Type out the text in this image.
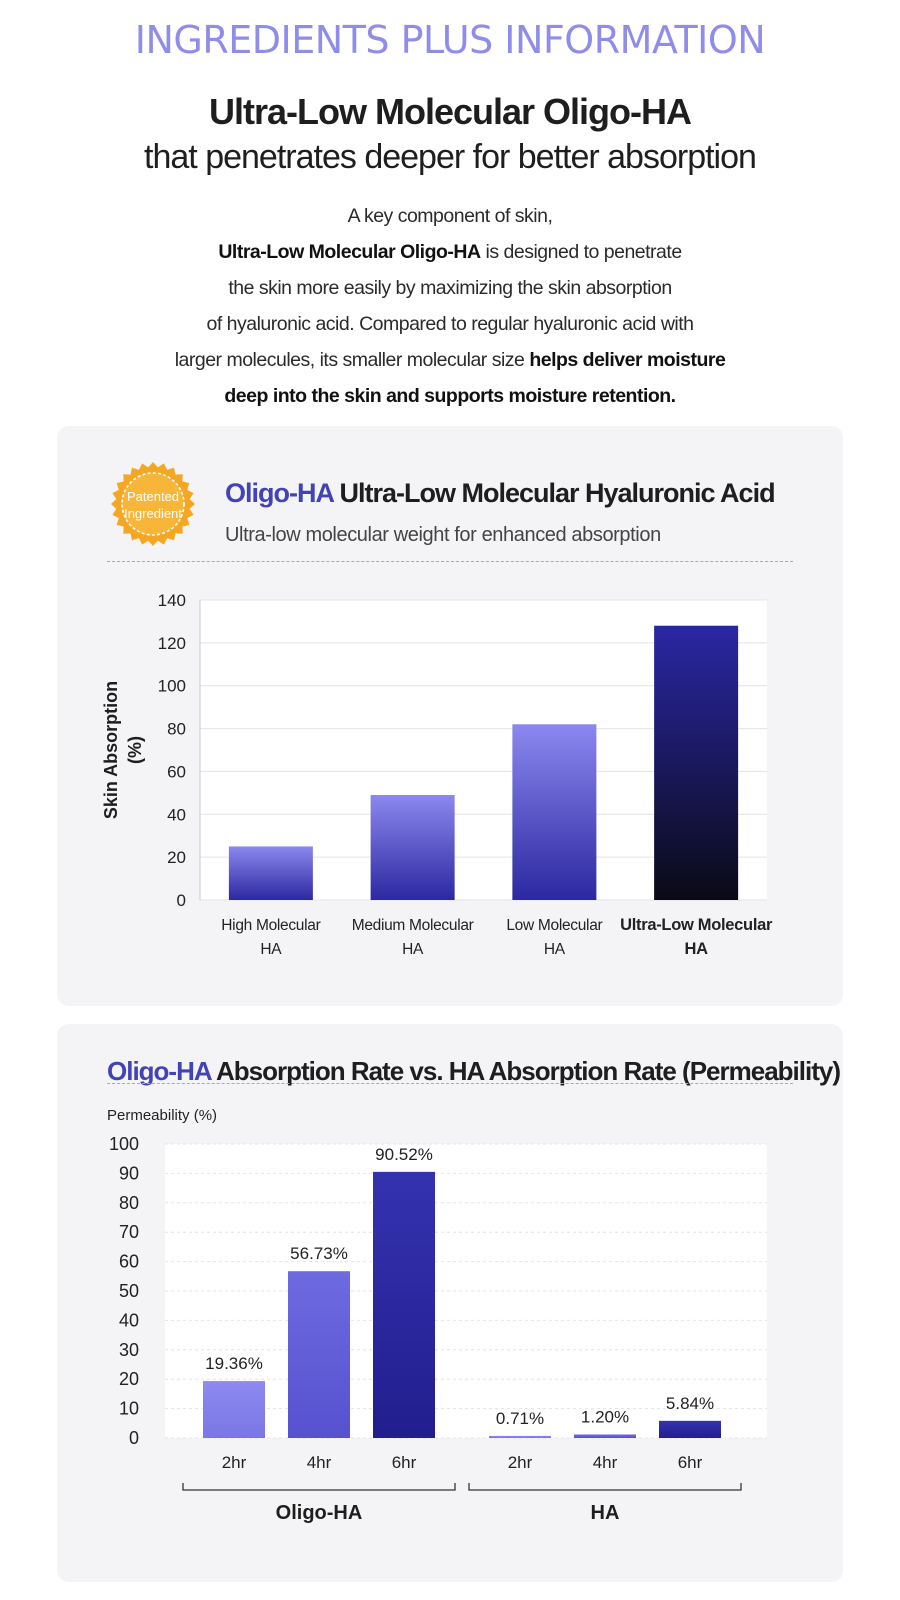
INGREDIENTS PLUS INFORMATION
Ultra-Low Molecular Oligo-HA
that penetrates deeper for better absorption
A key component of skin,
Ultra-Low Molecular Oligo-HA is designed to penetrate
the skin more easily by maximizing the skin absorption
of hyaluronic acid. Compared to regular hyaluronic acid with
larger molecules, its smaller molecular size helps deliver moisture
deep into the skin and supports moisture retention.
Patented
Ingredient
Oligo-HA Ultra-Low Molecular Hyaluronic Acid
Ultra-low molecular weight for enhanced absorption
0
20
40
60
80
100
120
140
Skin Absorption (%)
High Molecular
HA
Medium Molecular
HA
Low Molecular
HA
Ultra-Low Molecular
HA
Oligo-HA Absorption Rate vs. HA Absorption Rate (Permeability)
Permeability (%)
0
10
20
30
40
50
60
70
80
90
100
19.36%
2hr
56.73%
4hr
90.52%
6hr
Oligo-HA
0.71%
2hr
1.20%
4hr
5.84%
6hr
HA
